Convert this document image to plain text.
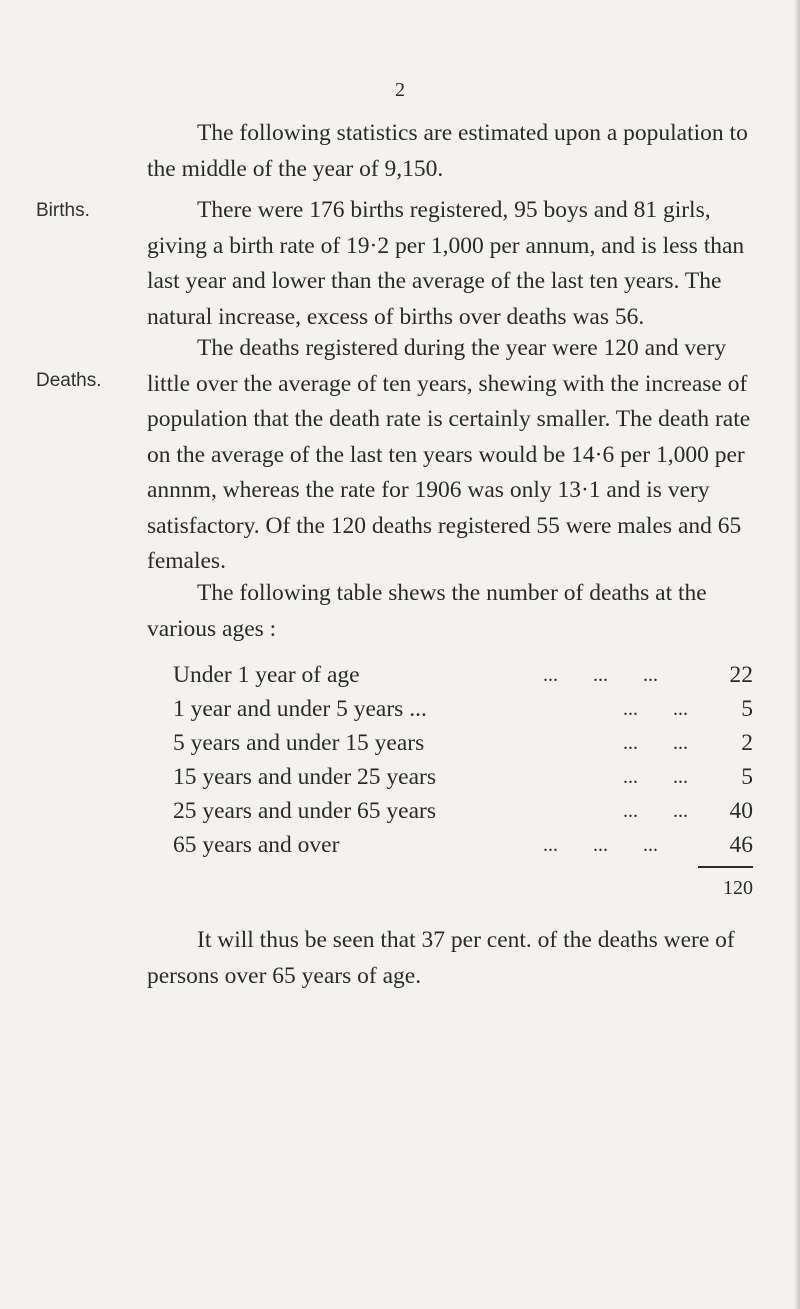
2

The following statistics are estimated upon a population to the middle of the year of 9,150.

Births.	There were 176 births registered, 95 boys and 81 girls, giving a birth rate of 19·2 per 1,000 per annum, and is less than last year and lower than the average of the last ten years. The natural increase, excess of births over deaths was 56.

Deaths.

The deaths registered during the year were 120 and very little over the average of ten years, shewing with the increase of population that the death rate is certainly smaller. The death rate on the average of the last ten years would be 14·6 per 1,000 per annnm, whereas the rate for 1906 was only 13·1 and is very satisfactory. Of the 120 deaths registered 55 were males and 65 females.

The following table shews the number of deaths at the various ages :

Under 1 year of age	...       ...       ...	22
1 year and under 5 years ...	...       ...	5
5 years and under 15 years	...       ...	2
15 years and under 25 years	...       ...	5
25 years and under 65 years	...       ...	40
65 years and over	...       ...       ...	46
120

It will thus be seen that 37 per cent. of the deaths were of persons over 65 years of age.
